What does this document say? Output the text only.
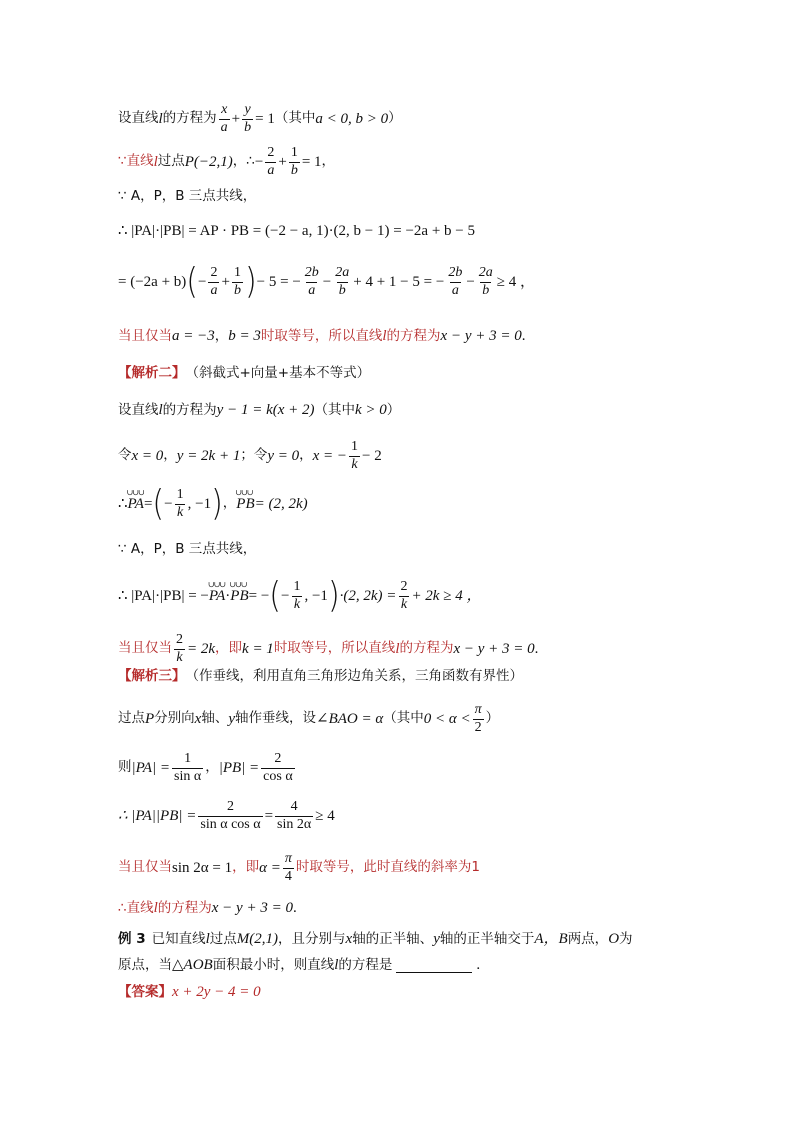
设直线 l 的方程为 $\frac{x}{a} + \frac{y}{b} = 1$ （其中 a < 0, b > 0 ）
∵直线 l 过点 P(−2,1) ， ∴ − $\frac{2}{a} + \frac{1}{b} = 1$ ，
∵ A，P，B 三点共线，
∴ |PA|·|PB| = AP · PB = (−2 − a, 1)·(2, b − 1) = −2a + b − 5
= (−2a + b) ( − $\frac{2}{a} + \frac{1}{b}$ ) − 5 = − $\frac{2b}{a} - \frac{2a}{b} + 4 + 1 - 5$ = − $\frac{2b}{a} - \frac{2a}{b} \ge 4$ ，
当且仅当 a = −3 ， b = 3 时取等号，所以直线 l 的方程为 x − y + 3 = 0 .
【解析二】 （斜截式+向量+基本不等式）
设直线 l 的方程为 y − 1 = k(x + 2) （其中 k > 0 ）
令 x = 0 ， y = 2k + 1 ；令 y = 0 ， x = − $\frac{1}{k} - 2$
∴ ∪∪∪ PA = ( − $\frac{1}{k}$ , −1 ) ， ∪∪∪ PB = (2, 2k)
∵ A，P，B 三点共线，
∴ |PA|·|PB| = − ∪∪∪ PA · ∪∪∪ PB = − ( − $\frac{1}{k}$ , −1 ) ·(2, $2k) = \frac{2}{k} + 2k \ge 4$ ，
当且仅当 $\frac{2}{k} = 2k$ ，即 k = 1 时取等号，所以直线 l 的方程为 x − y + 3 = 0 .
【解析三】 （作垂线，利用直角三角形边角关系，三角函数有界性）
过点 P 分别向 x 轴、 y 轴作垂线，设 ∠BAO = α （其中 $0 < \alpha < \frac{\pi}{2}$ ）
则 $|PA| = \frac{1}{\text{sin α}}$ ， $|PB| = \frac{2}{\text{cos α}}$
∴ $|PA||PB| = \frac{2}{\text{sin α cos α}} = \frac{4}{\sin 2\alpha} \ge 4$
当且仅当 sin 2α = 1 ，即 $\alpha = \frac{\pi}{4}$ 时取等号，此时直线的斜率为 1
∴直线 l 的方程为 x − y + 3 = 0 .
例 3 已知直线 l 过点 M(2,1) ，且分别与 x 轴的正半轴、 y 轴的正半轴交于 A，B 两点， O 为
原点，当 △AOB 面积最小时，则直线 l 的方程是	.
【答案】 x + 2y − 4 = 0
